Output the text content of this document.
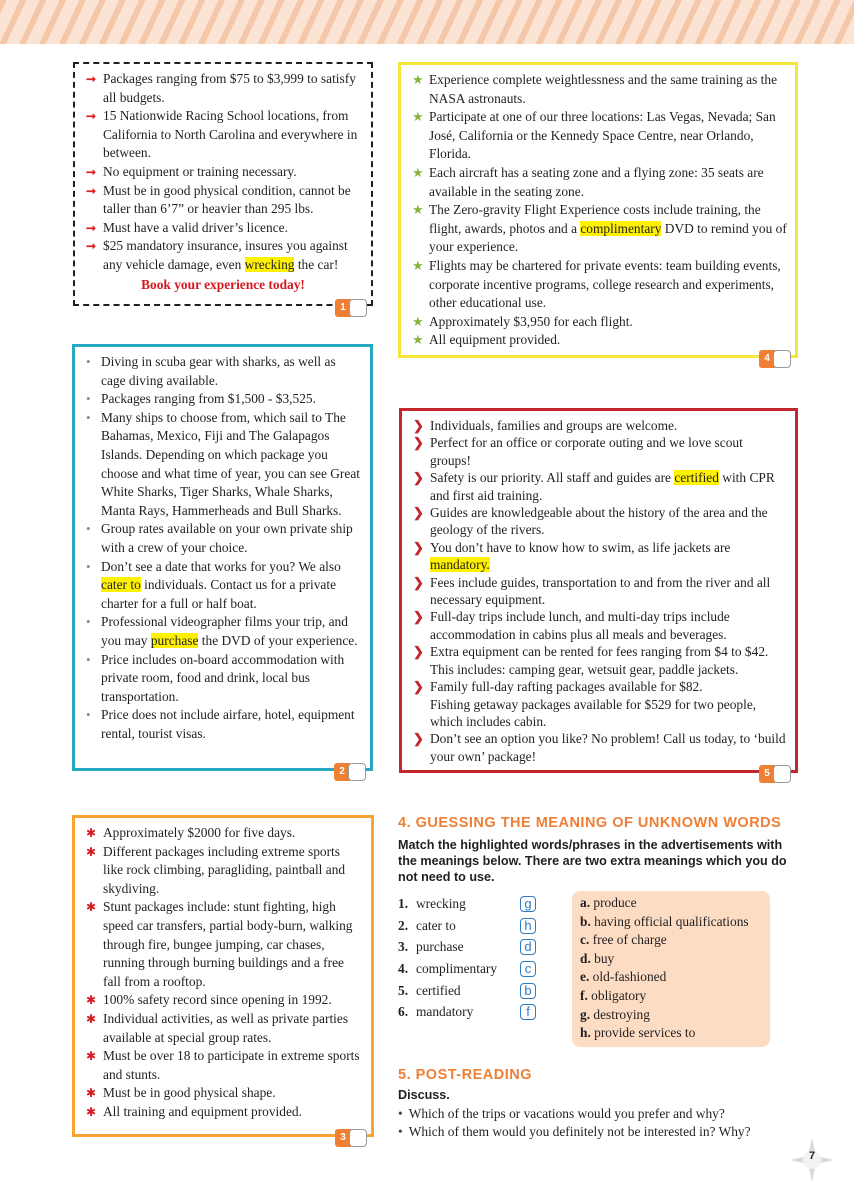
➞ Packages ranging from $75 to $3,999 to satisfy all budgets.
➞ 15 Nationwide Racing School locations, from California to North Carolina and everywhere in between.
➞ No equipment or training necessary.
➞ Must be in good physical condition, cannot be taller than 6’7” or heavier than 295 lbs.
➞ Must have a valid driver’s licence.
➞ $25 mandatory insurance, insures you against any vehicle damage, even wrecking the car!
Book your experience today!
1
★ Experience complete weightlessness and the same training as the NASA astronauts.
★ Participate at one of our three locations: Las Vegas, Nevada; San José, California or the Kennedy Space Centre, near Orlando, Florida.
★ Each aircraft has a seating zone and a flying zone: 35 seats are available in the seating zone.
★ The Zero-gravity Flight Experience costs include training, the flight, awards, photos and a complimentary DVD to remind you of your experience.
★ Flights may be chartered for private events: team building events, corporate incentive programs, college research and experiments, other educational use.
★ Approximately $3,950 for each flight.
★ All equipment provided.
4
• Diving in scuba gear with sharks, as well as cage diving available.
• Packages ranging from $1,500 - $3,525.
• Many ships to choose from, which sail to The Bahamas, Mexico, Fiji and The Galapagos Islands. Depending on which package you choose and what time of year, you can see Great White Sharks, Tiger Sharks, Whale Sharks, Manta Rays, Hammerheads and Bull Sharks.
• Group rates available on your own private ship with a crew of your choice.
• Don’t see a date that works for you? We also cater to individuals. Contact us for a private charter for a full or half boat.
• Professional videographer films your trip, and you may purchase the DVD of your experience.
• Price includes on-board accommodation with private room, food and drink, local bus transportation.
• Price does not include airfare, hotel, equipment rental, tourist visas.
2
❯ Individuals, families and groups are welcome.
❯ Perfect for an office or corporate outing and we love scout groups!
❯ Safety is our priority. All staff and guides are certified with CPR and first aid training.
❯ Guides are knowledgeable about the history of the area and the geology of the rivers.
❯ You don’t have to know how to swim, as life jackets are mandatory.
❯ Fees include guides, transportation to and from the river and all necessary equipment.
❯ Full-day trips include lunch, and multi-day trips include accommodation in cabins plus all meals and beverages.
❯ Extra equipment can be rented for fees ranging from $4 to $42. This includes: camping gear, wetsuit gear, paddle jackets.
❯ Family full-day rafting packages available for $82.
Fishing getaway packages available for $529 for two people, which includes cabin.
❯ Don’t see an option you like? No problem! Call us today, to ‘build your own’ package!
5
✱ Approximately $2000 for five days.
✱ Different packages including extreme sports like rock climbing, paragliding, paintball and skydiving.
✱ Stunt packages include: stunt fighting, high speed car transfers, partial body-burn, walking through fire, bungee jumping, car chases, running through burning buildings and a free fall from a rooftop.
✱ 100% safety record since opening in 1992.
✱ Individual activities, as well as private parties available at special group rates.
✱ Must be over 18 to participate in extreme sports and stunts.
✱ Must be in good physical shape.
✱ All training and equipment provided.
3
4. GUESSING THE MEANING OF UNKNOWN WORDS
Match the highlighted words/phrases in the advertisements with the meanings below. There are two extra meanings which you do not need to use.
1. wrecking	g
2. cater to	h
3. purchase	d
4. complimentary	c
5. certified	b
6. mandatory	f
a. produce
b. having official qualifications
c. free of charge
d. buy
e. old-fashioned
f. obligatory
g. destroying
h. provide services to
5. POST-READING
Discuss.
• Which of the trips or vacations would you prefer and why?
• Which of them would you definitely not be interested in? Why?
7
